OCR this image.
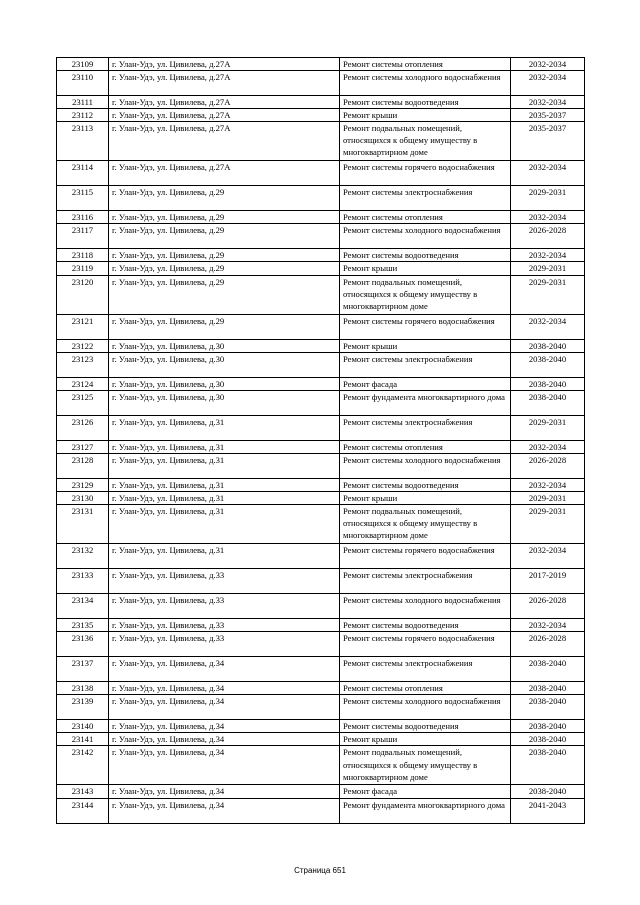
23109	г. Улан-Удэ, ул. Цивилева, д.27А	Ремонт системы отопления	2032-2034
23110	г. Улан-Удэ, ул. Цивилева, д.27А	Ремонт системы холодного водоснабжения	2032-2034
23111	г. Улан-Удэ, ул. Цивилева, д.27А	Ремонт системы водоотведения	2032-2034
23112	г. Улан-Удэ, ул. Цивилева, д.27А	Ремонт крыши	2035-2037
23113	г. Улан-Удэ, ул. Цивилева, д.27А	Ремонт подвальных помещений, относящихся к общему имуществу в многоквартирном доме	2035-2037
23114	г. Улан-Удэ, ул. Цивилева, д.27А	Ремонт системы горячего водоснабжения	2032-2034
23115	г. Улан-Удэ, ул. Цивилева, д.29	Ремонт системы электроснабжения	2029-2031
23116	г. Улан-Удэ, ул. Цивилева, д.29	Ремонт системы отопления	2032-2034
23117	г. Улан-Удэ, ул. Цивилева, д.29	Ремонт системы холодного водоснабжения	2026-2028
23118	г. Улан-Удэ, ул. Цивилева, д.29	Ремонт системы водоотведения	2032-2034
23119	г. Улан-Удэ, ул. Цивилева, д.29	Ремонт крыши	2029-2031
23120	г. Улан-Удэ, ул. Цивилева, д.29	Ремонт подвальных помещений, относящихся к общему имуществу в многоквартирном доме	2029-2031
23121	г. Улан-Удэ, ул. Цивилева, д.29	Ремонт системы горячего водоснабжения	2032-2034
23122	г. Улан-Удэ, ул. Цивилева, д.30	Ремонт крыши	2038-2040
23123	г. Улан-Удэ, ул. Цивилева, д.30	Ремонт системы электроснабжения	2038-2040
23124	г. Улан-Удэ, ул. Цивилева, д.30	Ремонт фасада	2038-2040
23125	г. Улан-Удэ, ул. Цивилева, д.30	Ремонт фундамента многоквартирного дома	2038-2040
23126	г. Улан-Удэ, ул. Цивилева, д.31	Ремонт системы электроснабжения	2029-2031
23127	г. Улан-Удэ, ул. Цивилева, д.31	Ремонт системы отопления	2032-2034
23128	г. Улан-Удэ, ул. Цивилева, д.31	Ремонт системы холодного водоснабжения	2026-2028
23129	г. Улан-Удэ, ул. Цивилева, д.31	Ремонт системы водоотведения	2032-2034
23130	г. Улан-Удэ, ул. Цивилева, д.31	Ремонт крыши	2029-2031
23131	г. Улан-Удэ, ул. Цивилева, д.31	Ремонт подвальных помещений, относящихся к общему имуществу в многоквартирном доме	2029-2031
23132	г. Улан-Удэ, ул. Цивилева, д.31	Ремонт системы горячего водоснабжения	2032-2034
23133	г. Улан-Удэ, ул. Цивилева, д.33	Ремонт системы электроснабжения	2017-2019
23134	г. Улан-Удэ, ул. Цивилева, д.33	Ремонт системы холодного водоснабжения	2026-2028
23135	г. Улан-Удэ, ул. Цивилева, д.33	Ремонт системы водоотведения	2032-2034
23136	г. Улан-Удэ, ул. Цивилева, д.33	Ремонт системы горячего водоснабжения	2026-2028
23137	г. Улан-Удэ, ул. Цивилева, д.34	Ремонт системы электроснабжения	2038-2040
23138	г. Улан-Удэ, ул. Цивилева, д.34	Ремонт системы отопления	2038-2040
23139	г. Улан-Удэ, ул. Цивилева, д.34	Ремонт системы холодного водоснабжения	2038-2040
23140	г. Улан-Удэ, ул. Цивилева, д.34	Ремонт системы водоотведения	2038-2040
23141	г. Улан-Удэ, ул. Цивилева, д.34	Ремонт крыши	2038-2040
23142	г. Улан-Удэ, ул. Цивилева, д.34	Ремонт подвальных помещений, относящихся к общему имуществу в многоквартирном доме	2038-2040
23143	г. Улан-Удэ, ул. Цивилева, д.34	Ремонт фасада	2038-2040
23144	г. Улан-Удэ, ул. Цивилева, д.34	Ремонт фундамента многоквартирного дома	2041-2043
Страница 651
